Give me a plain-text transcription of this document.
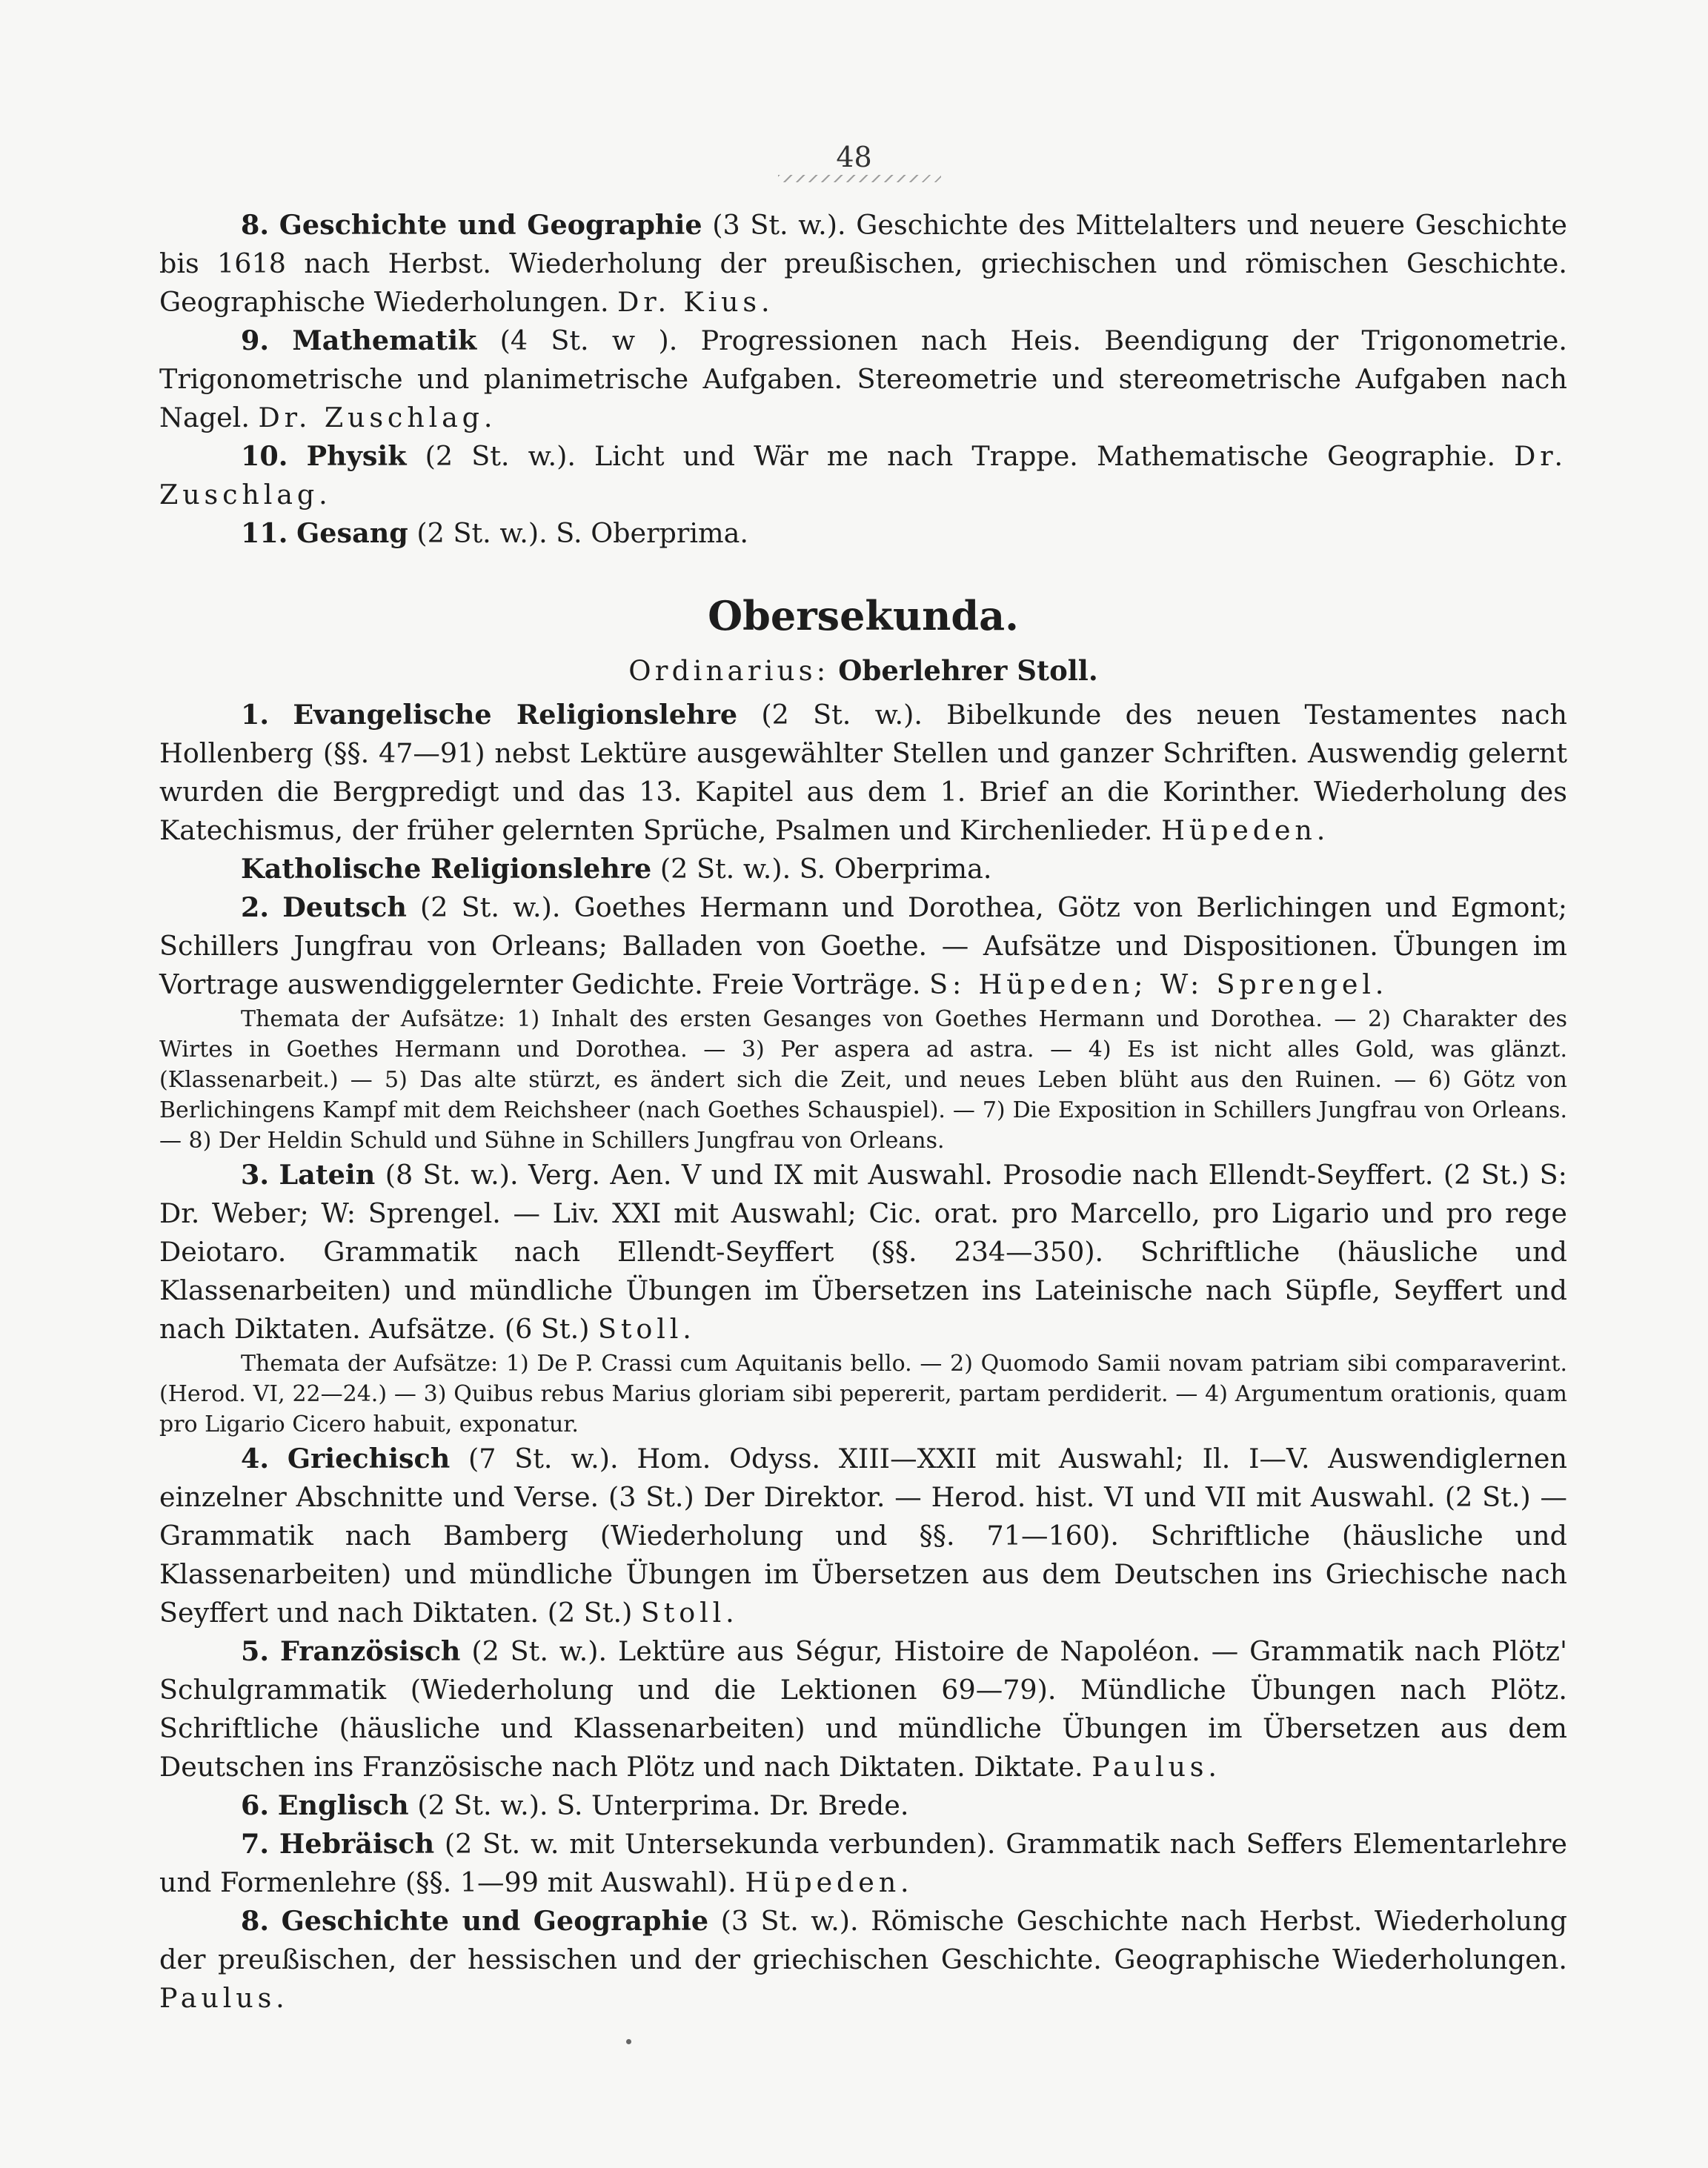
48

8. Geschichte und Geographie (3 St. w.). Geschichte des Mittelalters und neuere Geschichte bis 1618 nach Herbst. Wiederholung der preußischen, griechischen und römischen Geschichte. Geographische Wiederholungen. Dr. Kius.

9. Mathematik (4 St. w ). Progressionen nach Heis. Beendigung der Trigonometrie. Trigonometrische und planimetrische Aufgaben. Stereometrie und stereometrische Aufgaben nach Nagel. Dr. Zuschlag.

10. Physik (2 St. w.). Licht und Wär me nach Trappe. Mathematische Geographie. Dr. Zuschlag.

11. Gesang (2 St. w.). S. Oberprima.

Obersekunda.
Ordinarius: Oberlehrer Stoll.

1. Evangelische Religionslehre (2 St. w.). Bibelkunde des neuen Testamentes nach Hollenberg (§§. 47—91) nebst Lektüre ausgewählter Stellen und ganzer Schriften. Auswendig gelernt wurden die Bergpredigt und das 13. Kapitel aus dem 1. Brief an die Korinther. Wiederholung des Katechismus, der früher gelernten Sprüche, Psalmen und Kirchenlieder. Hüpeden.

Katholische Religionslehre (2 St. w.). S. Oberprima.

2. Deutsch (2 St. w.). Goethes Hermann und Dorothea, Götz von Berlichingen und Egmont; Schillers Jungfrau von Orleans; Balladen von Goethe. — Aufsätze und Dispositionen. Übungen im Vortrage auswendiggelernter Gedichte. Freie Vorträge. S: Hüpeden; W: Sprengel.

Themata der Aufsätze: 1) Inhalt des ersten Gesanges von Goethes Hermann und Dorothea. — 2) Charakter des Wirtes in Goethes Hermann und Dorothea. — 3) Per aspera ad astra. — 4) Es ist nicht alles Gold, was glänzt. (Klassenarbeit.) — 5) Das alte stürzt, es ändert sich die Zeit, und neues Leben blüht aus den Ruinen. — 6) Götz von Berlichingens Kampf mit dem Reichsheer (nach Goethes Schauspiel). — 7) Die Exposition in Schillers Jungfrau von Orleans. — 8) Der Heldin Schuld und Sühne in Schillers Jungfrau von Orleans.

3. Latein (8 St. w.). Verg. Aen. V und IX mit Auswahl. Prosodie nach Ellendt-Seyffert. (2 St.) S: Dr. Weber; W: Sprengel. — Liv. XXI mit Auswahl; Cic. orat. pro Marcello, pro Ligario und pro rege Deiotaro. Grammatik nach Ellendt-Seyffert (§§. 234—350). Schriftliche (häusliche und Klassenarbeiten) und mündliche Übungen im Übersetzen ins Lateinische nach Süpfle, Seyffert und nach Diktaten. Aufsätze. (6 St.) Stoll.

Themata der Aufsätze: 1) De P. Crassi cum Aquitanis bello. — 2) Quomodo Samii novam patriam sibi comparaverint. (Herod. VI, 22—24.) — 3) Quibus rebus Marius gloriam sibi pepererit, partam perdiderit. — 4) Argumentum orationis, quam pro Ligario Cicero habuit, exponatur.

4. Griechisch (7 St. w.). Hom. Odyss. XIII—XXII mit Auswahl; Il. I—V. Auswendiglernen einzelner Abschnitte und Verse. (3 St.) Der Direktor. — Herod. hist. VI und VII mit Auswahl. (2 St.) — Grammatik nach Bamberg (Wiederholung und §§. 71—160). Schriftliche (häusliche und Klassenarbeiten) und mündliche Übungen im Übersetzen aus dem Deutschen ins Griechische nach Seyffert und nach Diktaten. (2 St.) Stoll.

5. Französisch (2 St. w.). Lektüre aus Ségur, Histoire de Napoléon. — Grammatik nach Plötz' Schulgrammatik (Wiederholung und die Lektionen 69—79). Mündliche Übungen nach Plötz. Schriftliche (häusliche und Klassenarbeiten) und mündliche Übungen im Übersetzen aus dem Deutschen ins Französische nach Plötz und nach Diktaten. Diktate. Paulus.

6. Englisch (2 St. w.). S. Unterprima. Dr. Brede.

7. Hebräisch (2 St. w. mit Untersekunda verbunden). Grammatik nach Seffers Elementarlehre und Formenlehre (§§. 1—99 mit Auswahl). Hüpeden.

8. Geschichte und Geographie (3 St. w.). Römische Geschichte nach Herbst. Wiederholung der preußischen, der hessischen und der griechischen Geschichte. Geographische Wiederholungen. Paulus.
